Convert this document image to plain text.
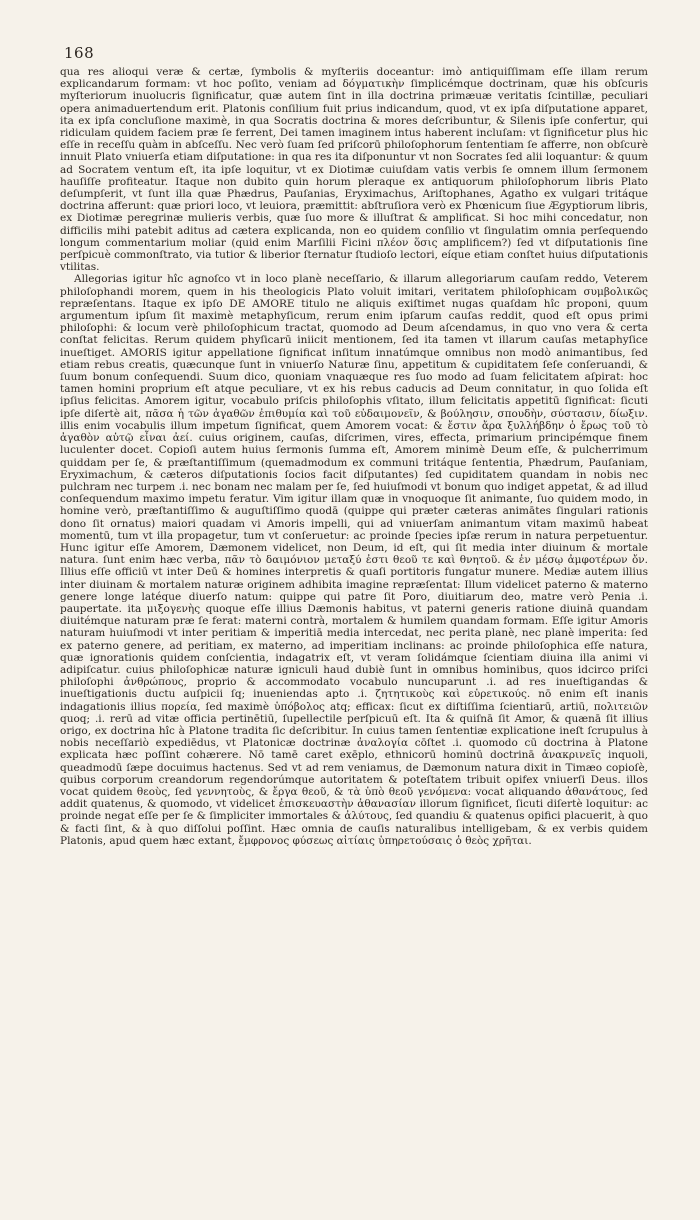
168

qua res alioqui veræ & certæ, ſymbolis & myſteriis doceantur: imò antiquiſſimam eſſe illam rerum explicandarum formam: vt hoc poſito, veniam ad δόγματικὴν ſimplicémque doctrinam, quæ his obſcuris myſteriorum inuolucris ſignificatur, quæ autem ſint in illa doctrina primæuæ veritatis ſcintillæ, peculiari opera animaduertendum erit. Platonis conſilium fuit prius indicandum, quod, vt ex ipſa diſputatione apparet, ita ex ipſa concluſione maximè, in qua Socratis doctrina & mores deſcribuntur, & Silenis ipſe confertur, qui ridiculam quidem faciem præ ſe ferrent, Dei tamen imaginem intus haberent incluſam: vt ſignificetur plus hic eſſe in receſſu quàm in abſceſſu. Nec verò ſuam ſed priſcorū philoſophorum ſententiam ſe afferre, non obſcurè innuit Plato vniuerſa etiam diſputatione: in qua res ita diſponuntur vt non Socrates ſed alii loquantur: & quum ad Socratem ventum eſt, ita ipſe loquitur, vt ex Diotimæ cuiuſdam vatis verbis ſe omnem illum ſermonem hauſiſſe profiteatur. Itaque non dubito quin horum pleraque ex antiquorum philoſophorum libris Plato deſumpſerit, vt ſunt illa quæ Phædrus, Pauſanias, Eryximachus, Ariſtophanes, Agatho ex vulgari tritáque doctrina afferunt: quæ priori loco, vt leuiora, præmittit: abſtruſiora verò ex Phœnicum ſiue Ægyptiorum libris, ex Diotimæ peregrinæ mulieris verbis, quæ ſuo more & illuſtrat & amplificat. Si hoc mihi concedatur, non difficilis mihi patebit aditus ad cætera explicanda, non eo quidem conſilio vt ſingulatim omnia perſequendo longum commentarium moliar (quid enim Marſilii Ficini πλέον ὅσις amplificem?) ſed vt diſputationis ſine perſpicuè commonſtrato, via tutior & liberior ſternatur ſtudioſo lectori, eíque etiam conſtet huius diſputationis vtilitas.

Allegorias igitur hîc agnoſco vt in loco planè neceſſario, & illarum allegoriarum cauſam reddo, Veterem philoſophandi morem, quem in his theologicis Plato voluit imitari, veritatem philoſophicam συμβολικῶς repræſentans. Itaque ex ipſo DE AMORE titulo ne aliquis exiſtimet nugas quaſdam hîc proponi, quum argumentum ipſum ſit maximè metaphyſicum, rerum enim ipſarum cauſas reddit, quod eſt opus primi philoſophi: & locum verè philoſophicum tractat, quomodo ad Deum aſcendamus, in quo vno vera & certa conſtat felicitas. Rerum quidem phyſicarū iniicit mentionem, ſed ita tamen vt illarum cauſas metaphyſice inueſtiget. AMORIS igitur appellatione ſignificat inſitum innatúmque omnibus non modò animantibus, ſed etiam rebus creatis, quæcunque ſunt in vniuerſo Naturæ ſinu, appetitum & cupiditatem ſeſe conſeruandi, & ſuum bonum conſequendi. Suum dico, quoniam vnaquæque res ſuo modo ad ſuam felicitatem aſpirat: hoc tamen homini proprium eſt atque peculiare, vt ex his rebus caducis ad Deum connitatur, in quo ſolida eſt ipſius felicitas. Amorem igitur, vocabulo priſcis philoſophis vſitato, illum felicitatis appetitū ſignificat: ſicuti ipſe diſertè ait, πᾶσα ἡ τῶν ἀγαθῶν ἐπιθυμία καὶ τοῦ εὐδαιμονεῖν, & βούλησιν, σπουδὴν, σύστασιν, δίωξιν. illis enim vocabulis illum impetum ſignificat, quem Amorem vocat: & ἔστιν ἄρα ξυλλήβδην ὁ ἔρως τοῦ τὸ ἀγαθὸν αὑτῷ εἶναι ἀεί. cuius originem, cauſas, diſcrimen, vires, effecta, primarium principémque finem luculenter docet. Copioſi autem huius ſermonis ſumma eſt, Amorem minimè Deum eſſe, & pulcherrimum quiddam per ſe, & præſtantiſſimum (quemadmodum ex communi tritáque ſententia, Phædrum, Pauſaniam, Eryximachum, & cæteros diſputationis ſocios facit diſputantes) ſed cupiditatem quandam in nobis nec pulchram nec turpem .i. nec bonam nec malam per ſe, ſed huiuſmodi vt bonum quo indiget appetat, & ad illud conſequendum maximo impetu feratur. Vim igitur illam quæ in vnoquoque ſit animante, ſuo quidem modo, in homine verò, præſtantiſſimo & auguſtiſſimo quodā (quippe qui præter cæteras animātes ſingulari rationis dono ſit ornatus) maiori quadam vi Amoris impelli, qui ad vniuerſam animantum vitam maximū habeat momentū, tum vt illa propagetur, tum vt conſeruetur: ac proinde ſpecies ipſæ rerum in natura perpetuentur. Hunc igitur eſſe Amorem, Dæmonem videlicet, non Deum, id eſt, qui ſit media inter diuinum & mortale natura. ſunt enim hæc verba, πᾶν τὸ δαιμόνιον μεταξύ ἐστι θεοῦ τε καὶ θνητοῦ. & ἐν μέσῳ ἀμφοτέρων ὄν. Illius eſſe officiū vt inter Deū & homines interpretis & quaſi portitoris fungatur munere. Mediæ autem illius inter diuinam & mortalem naturæ originem adhibita imagine repræſentat: Illum videlicet paterno & materno genere longe latéque diuerſo natum: quippe qui patre ſit Poro, diuitiarum deo, matre verò Penia .i. paupertate. ita μιξογενὴς quoque eſſe illius Dæmonis habitus, vt paterni generis ratione diuinā quandam diuitémque naturam præ ſe ferat: materni contrà, mortalem & humilem quandam formam. Eſſe igitur Amoris naturam huiuſmodi vt inter peritiam & imperitiā media intercedat, nec perita planè, nec planè imperita: ſed ex paterno genere, ad peritiam, ex materno, ad imperitiam inclinans: ac proinde philoſophica eſſe natura, quæ ignorationis quidem conſcientia, indagatrix eſt, vt veram ſolidámque ſcientiam diuina illa animi vi adipiſcatur. cuius philoſophicæ naturæ igniculi haud dubiè ſunt in omnibus hominibus, quos idcirco priſci philoſophi ἀνθρώπους, proprio & accommodato vocabulo nuncuparunt .i. ad res inueſtigandas & inueſtigationis ductu auſpicii ſq; inueniendas apto .i. ζητητικοὺς καὶ εὑρετικούς. nō enim eſt inanis indagationis illius πορεία, ſed maximè ὑπόβολος atq; efficax: ſicut ex diſtiſſima ſcientiarū, artiū, πολιτειῶν quoq; .i. rerū ad vitæ officia pertinētiū, ſupellectile perſpicuū eſt. Ita & quiſnā ſit Amor, & quænā ſit illius origo, ex doctrina hîc à Platone tradita ſic deſcribitur. In cuius tamen ſententiæ explicatione ineſt ſcrupulus à nobis neceſſariò expediēdus, vt Platonicæ doctrinæ ἀναλογία cōſtet .i. quomodo cū doctrina à Platone explicata hæc poſſint cohærere. Nō tamē caret exēplo, ethnicorū hominū doctrinā ἀνακρινεῖς inquoli, queadmodū ſæpe docuimus hactenus. Sed vt ad rem veniamus, de Dæmonum natura dixit in Timæo copioſè, quibus corporum creandorum regendorúmque autoritatem & poteſtatem tribuit opifex vniuerſi Deus. illos vocat quidem θεοὺς, ſed γεννητοὺς, & ἔργα θεοῦ, & τὰ ὑπὸ θεοῦ γενόμενα: vocat aliquando ἀθανάτους, ſed addit quatenus, & quomodo, vt videlicet ἐπισκευαστὴν ἀθανασίαν illorum ſignificet, ſicuti diſertè loquitur: ac proinde negat eſſe per ſe & ſimpliciter immortales & ἀλύτους, ſed quandiu & quatenus opifici placuerit, à quo & facti ſint, & à quo diſſolui poſſint. Hæc omnia de cauſis naturalibus intelligebam, & ex verbis quidem Platonis, apud quem hæc extant, ἔμφρονος φύσεως αἰτίαις ὑπηρετούσαις ὁ θεὸς χρῆται.
